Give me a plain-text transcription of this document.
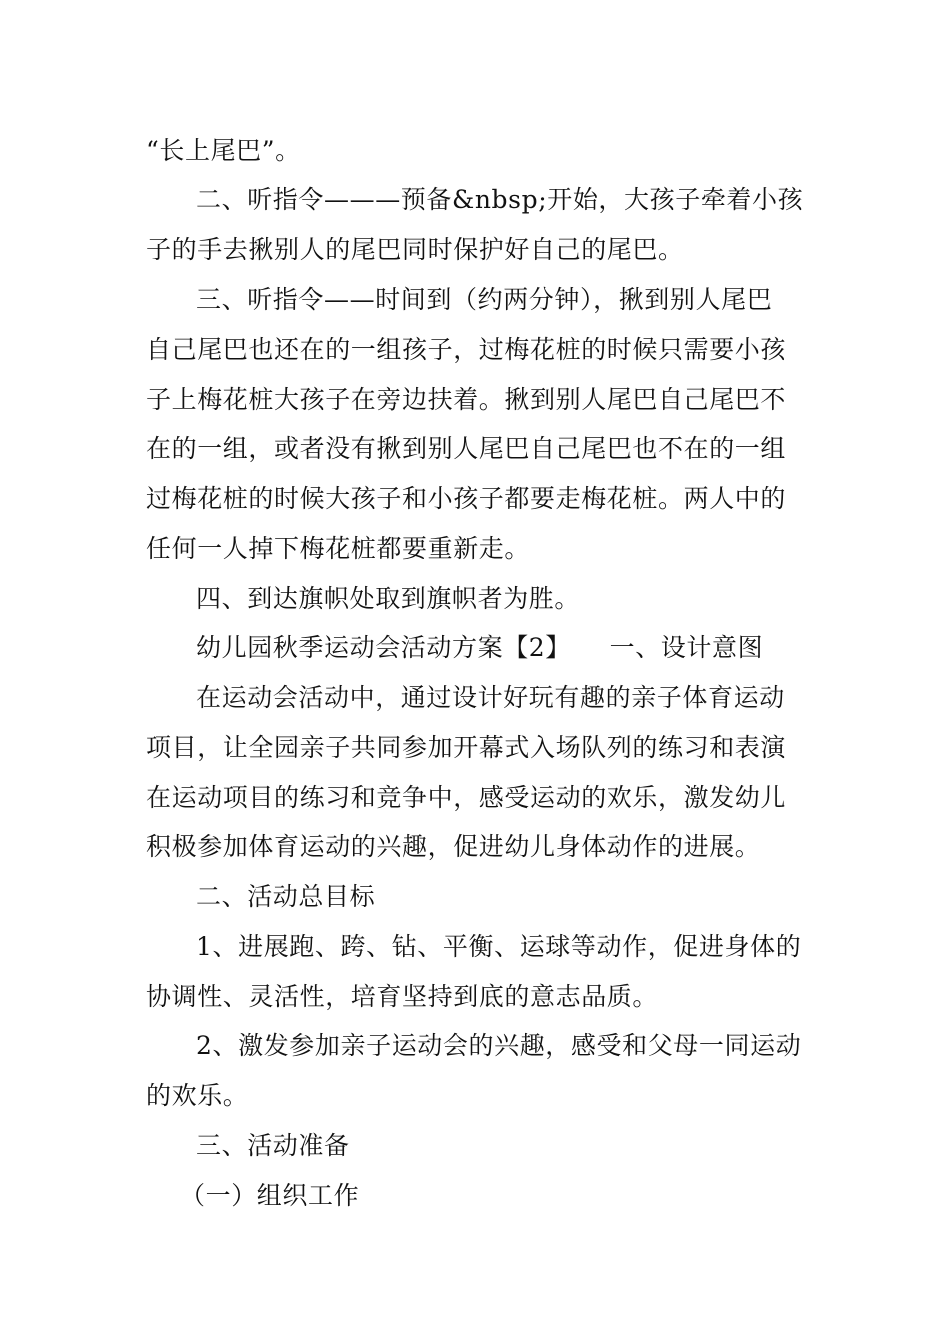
“长上尾巴”。
二、听指令———预备&nbsp;开始，大孩子牵着小孩
子的手去揪别人的尾巴同时保护好自己的尾巴。
三、听指令——时间到（约两分钟），揪到别人尾巴
自己尾巴也还在的一组孩子，过梅花桩的时候只需要小孩
子上梅花桩大孩子在旁边扶着。揪到别人尾巴自己尾巴不
在的一组，或者没有揪到别人尾巴自己尾巴也不在的一组
过梅花桩的时候大孩子和小孩子都要走梅花桩。两人中的
任何一人掉下梅花桩都要重新走。
四、到达旗帜处取到旗帜者为胜。
幼儿园秋季运动会活动方案【2】　　一、设计意图
在运动会活动中，通过设计好玩有趣的亲子体育运动
项目，让全园亲子共同参加开幕式入场队列的练习和表演
在运动项目的练习和竞争中，感受运动的欢乐，激发幼儿
积极参加体育运动的兴趣，促进幼儿身体动作的进展。
二、活动总目标
1、进展跑、跨、钻、平衡、运球等动作，促进身体的
协调性、灵活性，培育坚持到底的意志品质。
2、激发参加亲子运动会的兴趣，感受和父母一同运动
的欢乐。
三、活动准备
（一）组织工作
